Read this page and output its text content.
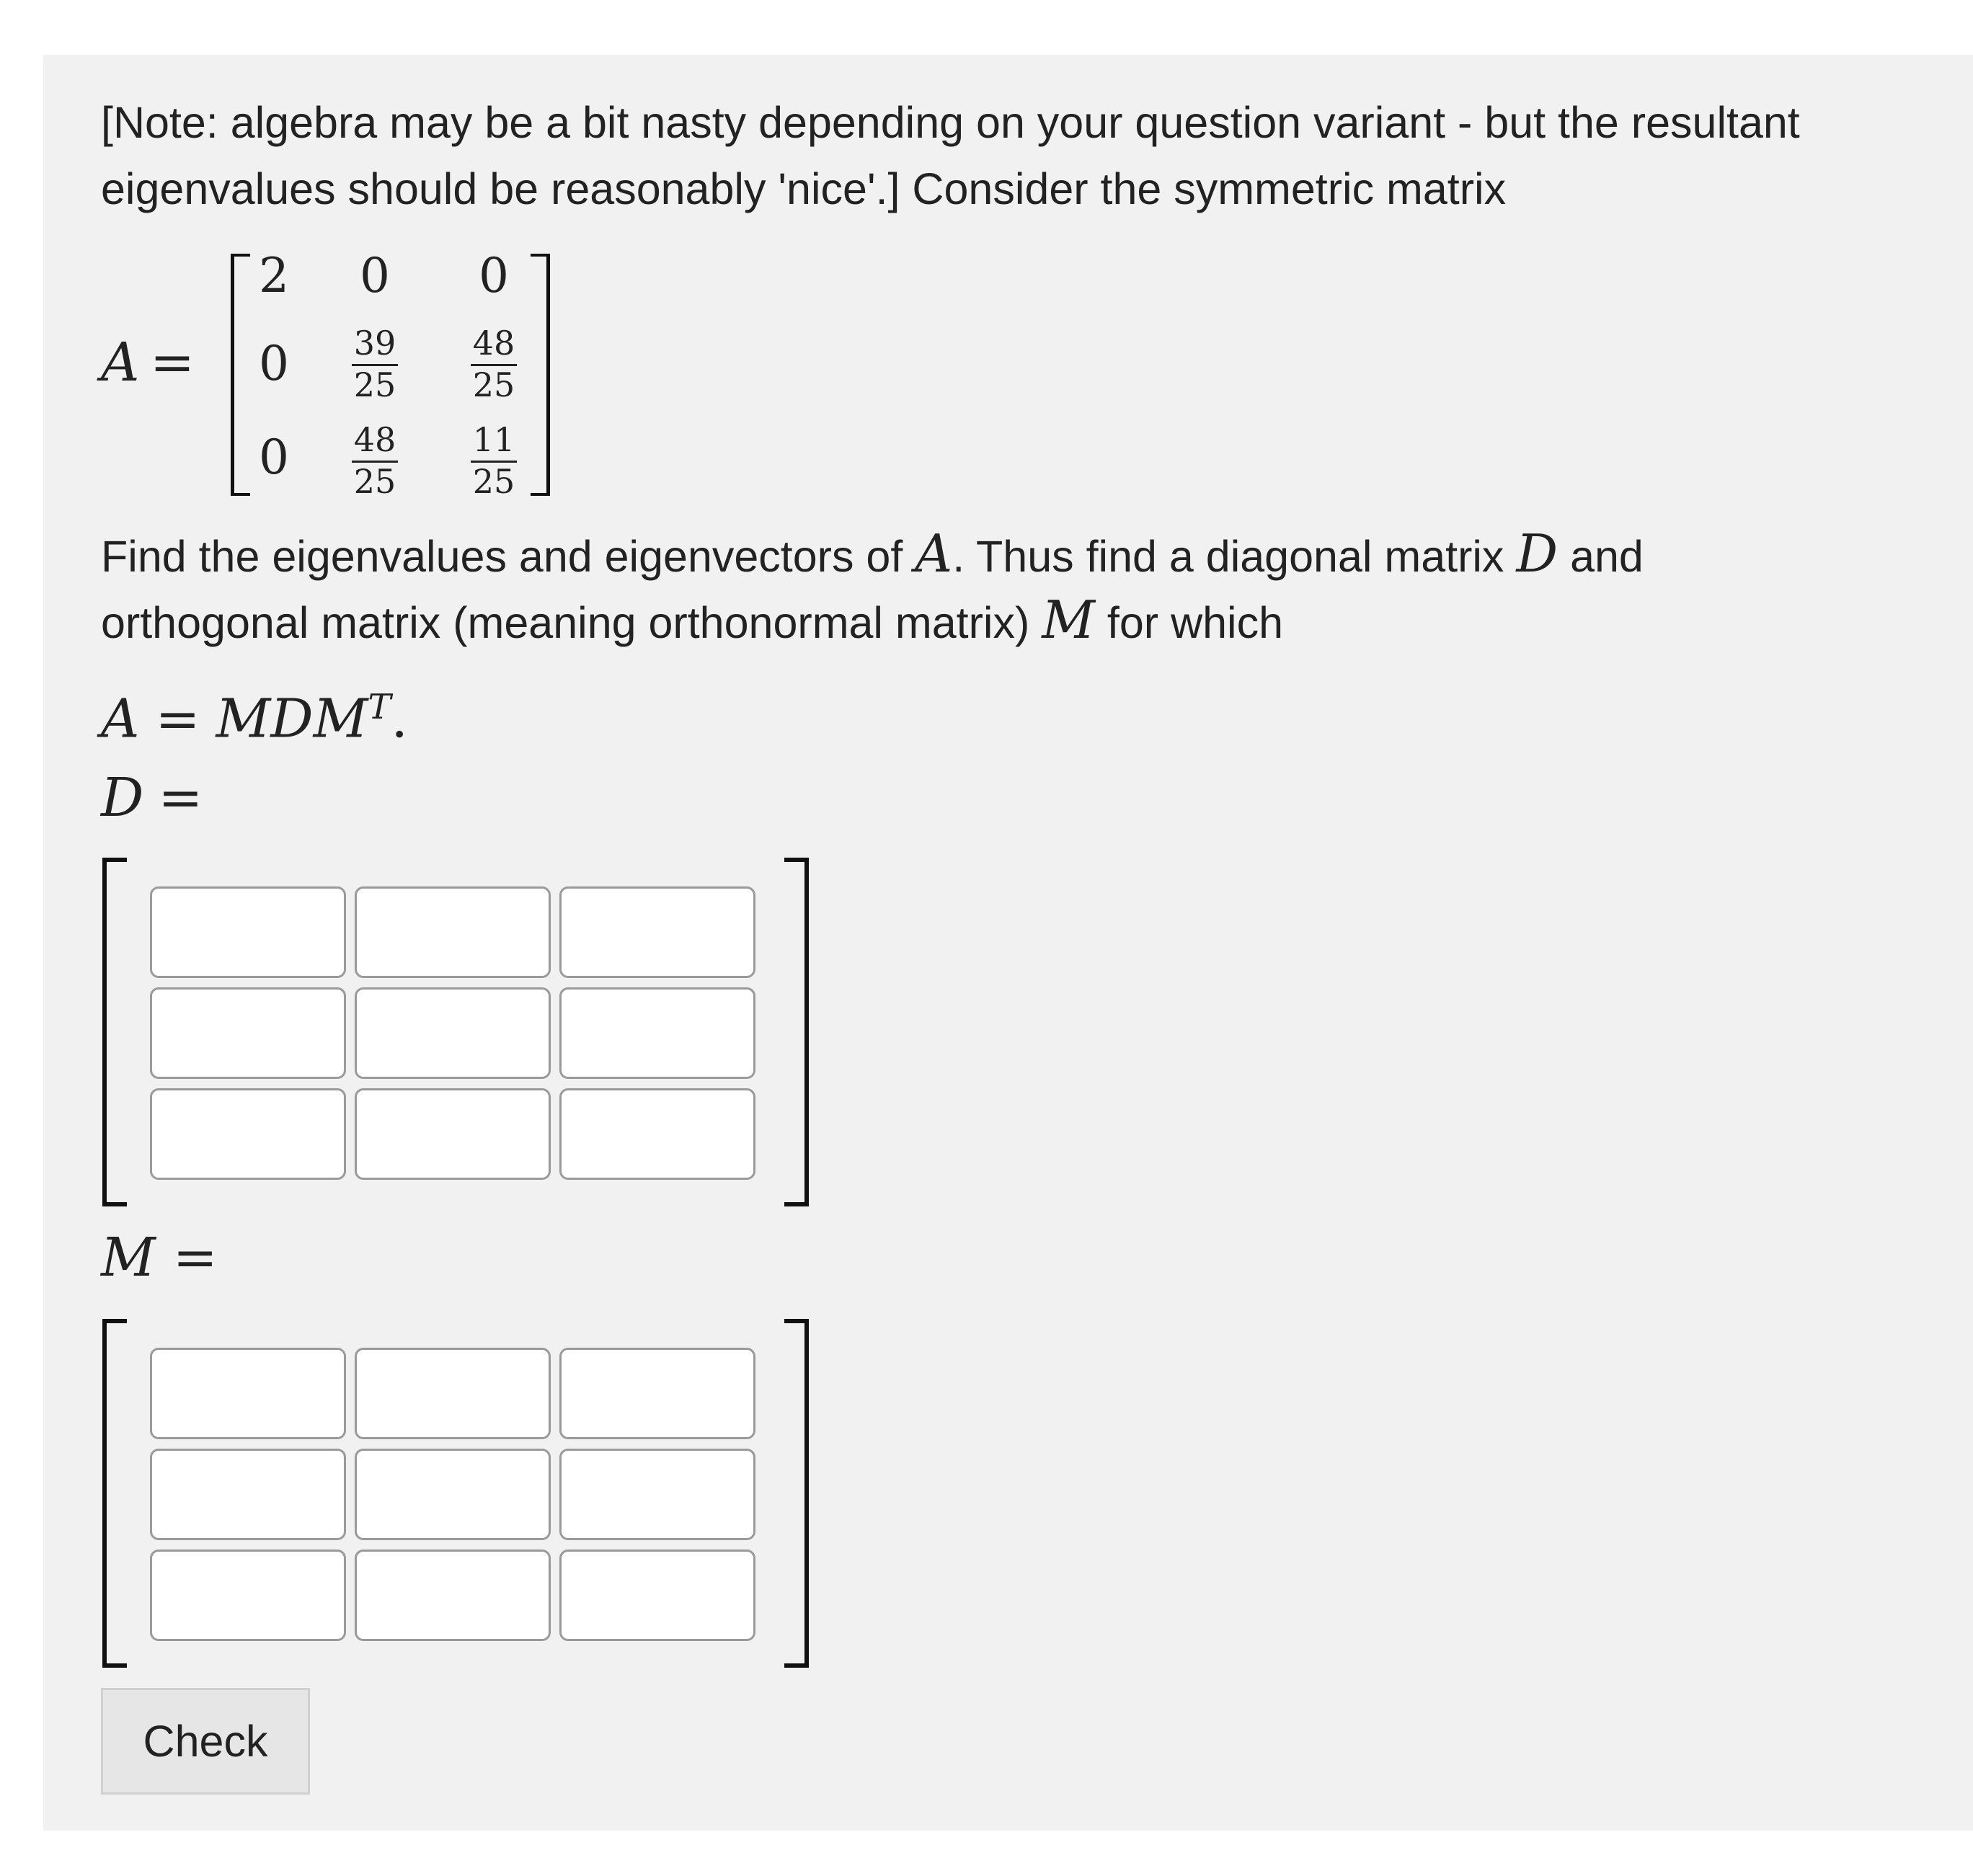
[Note: algebra may be a bit nasty depending on your question variant - but the resultant
eigenvalues should be reasonably 'nice'.] Consider the symmetric matrix
A =
2 0 0
0 39
25
48
25
0 48
25
11
25
Find the eigenvalues and eigenvectors of A. Thus find a diagonal matrix D and
orthogonal matrix (meaning orthonormal matrix) M for which
$A = MDM^T$.
D =
M =
Check
